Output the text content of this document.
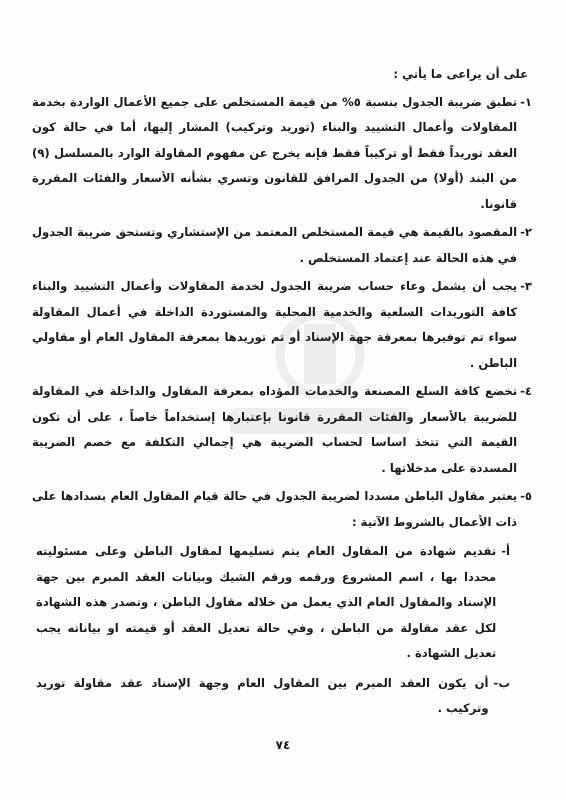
على أن يراعى ما يأتي :
١-
تطبق ضريبة الجدول بنسبة ٥% من قيمة المستخلص على جميع الأعمال الواردة بخدمة المقاولات وأعمال التشييد والبناء (توريد وتركيب) المشار إليها، أما في حالة كون العقد توريداً فقط أو تركيباً فقط فإنه يخرج عن مفهوم المقاولة الوارد بالمسلسل (٩) من البند (أولا) من الجدول المرافق للقانون وتسري بشأنه الأسعار والفئات المقررة قانونا.
٢-
المقصود بالقيمة هي قيمة المستخلص المعتمد من الإستشاري وتستحق ضريبة الجدول في هذه الحالة عند إعتماد المستخلص .
٣-
يجب أن يشمل وعاء حساب ضريبة الجدول لخدمة المقاولات وأعمال التشييد والبناء كافة التوريدات السلعية والخدمية المحلية والمستوردة الداخلة في أعمال المقاولة سواء تم توفيرها بمعرفة جهة الإسناد أو تم توريدها بمعرفة المقاول العام أو مقاولي الباطن .
٤-
تخضع كافة السلع المصنعة والخدمات المؤداه بمعرفة المقاول والداخلة في المقاولة للضريبة بالأسعار والفئات المقررة قانونا بإعتبارها إستخداماً خاصاً ، على أن تكون القيمة التي تتخذ اساسا لحساب الضريبة هي إجمالي التكلفة مع خصم الضريبة المسددة على مدخلاتها .
٥-
يعتبر مقاول الباطن مسددا لضريبة الجدول في حالة قيام المقاول العام بسدادها على ذات الأعمال بالشروط الآتية :
أ-
تقديم شهادة من المقاول العام يتم تسليمها لمقاول الباطن وعلى مسئوليته محددا بها ، اسم المشروع ورقمه ورقم الشيك وبيانات العقد المبرم بين جهة الإسناد والمقاول العام الذي يعمل من خلاله مقاول الباطن ، وتصدر هذه الشهادة لكل عقد مقاولة من الباطن ، وفي حالة تعديل العقد أو قيمته او بياناته يجب تعديل الشهادة .
ب-
أن يكون العقد المبرم بين المقاول العام وجهة الإسناد عقد مقاولة توريد وتركيب .
٧٤
